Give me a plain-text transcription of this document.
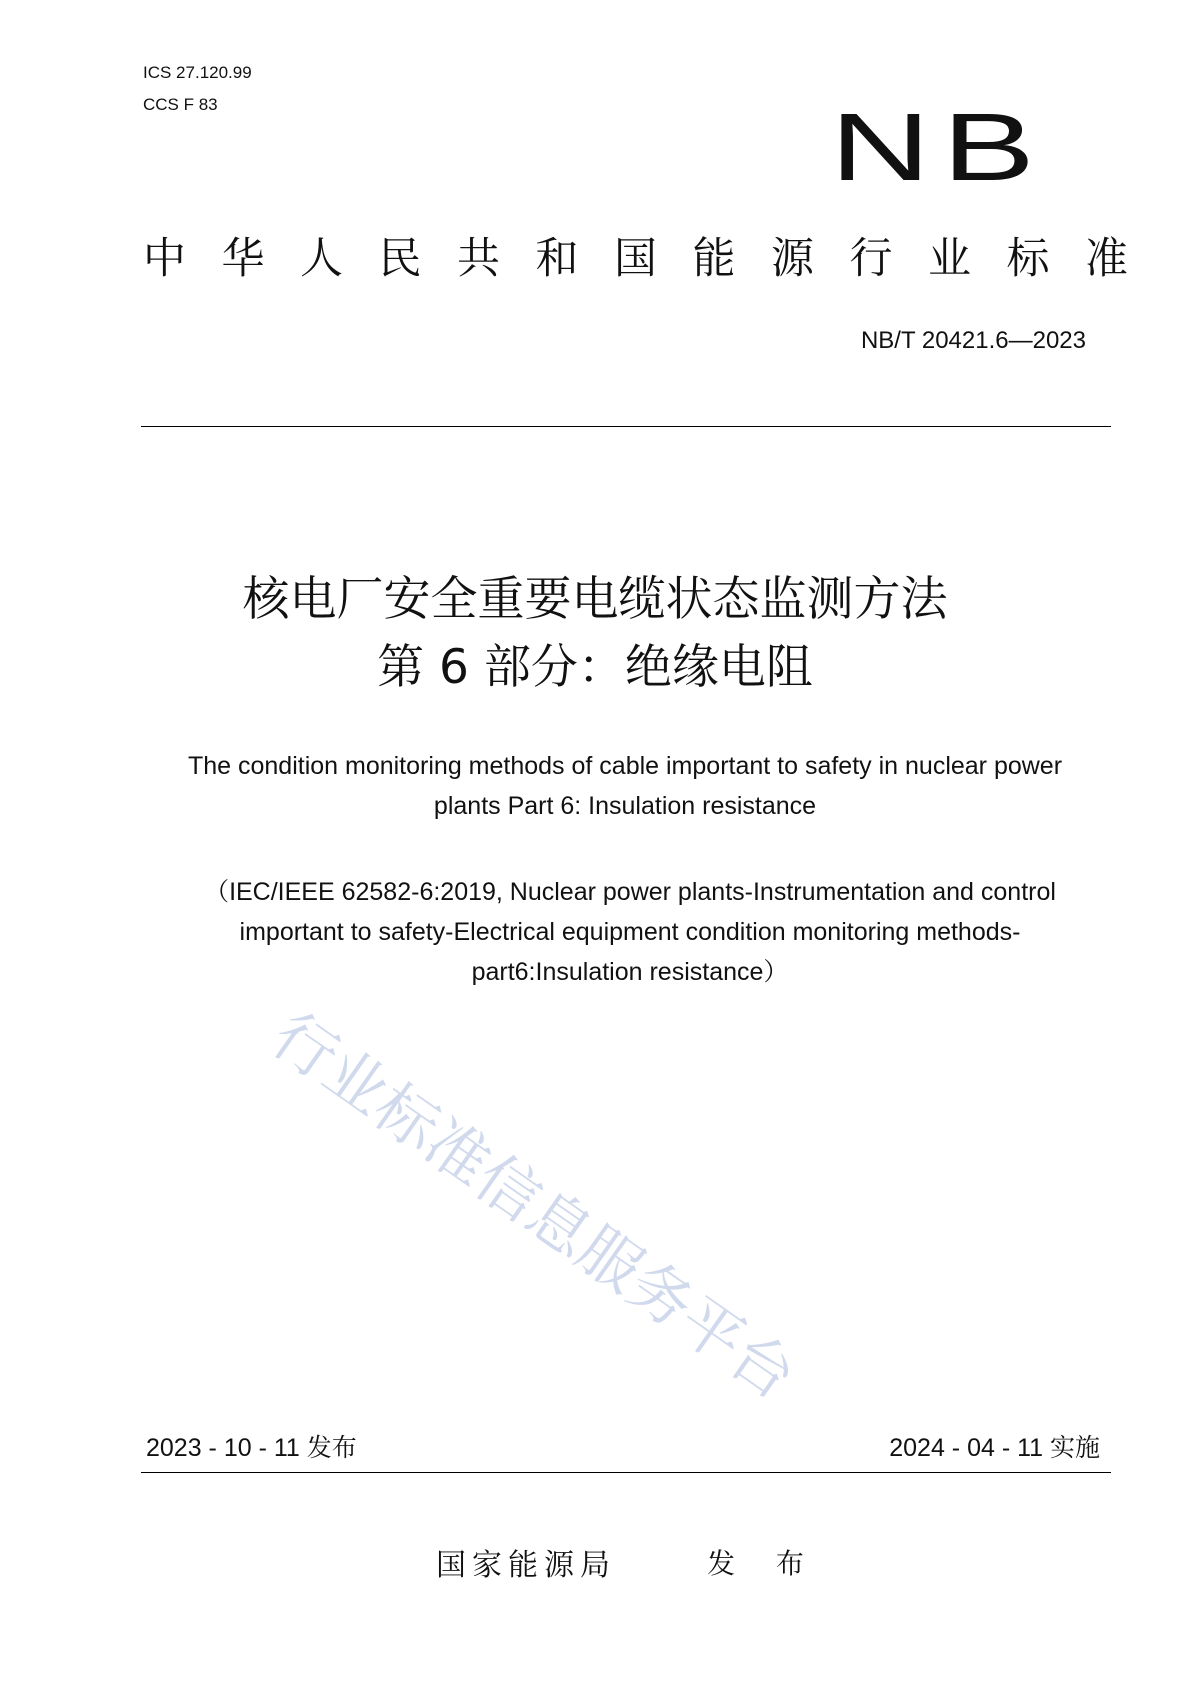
ICS 27.120.99
CCS F 83	NB
中 华 人 民 共 和 国 能 源 行 业 标 准
NB/T 20421.6—2023
核电厂安全重要电缆状态监测方法
第 6 部分：绝缘电阻
The condition monitoring methods of cable important to safety in nuclear power plants Part 6: Insulation resistance
（IEC/IEEE 62582-6:2019, Nuclear power plants-Instrumentation and control important to safety-Electrical equipment condition monitoring methods-part6:Insulation resistance）
行业标准信息服务平台
2023 - 10 - 11 发布	2024 - 04 - 11 实施
国家能源局	发 布
